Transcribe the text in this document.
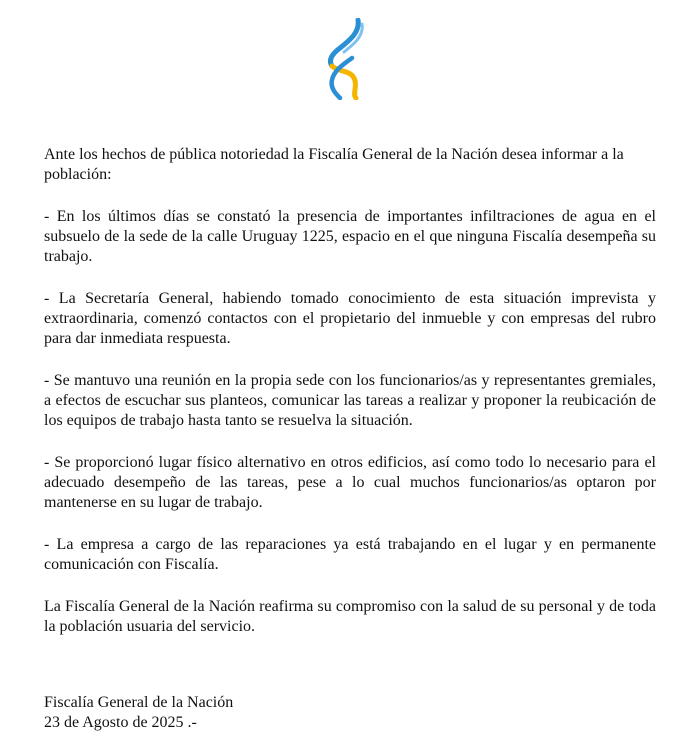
Ante los hechos de pública notoriedad la Fiscalía General de la Nación desea informar a la población:

- En los últimos días se constató la presencia de importantes infiltraciones de agua en el subsuelo de la sede de la calle Uruguay 1225, espacio en el que ninguna Fiscalía desempeña su trabajo.

- La Secretaría General, habiendo tomado conocimiento de esta situación imprevista y extraordinaria, comenzó contactos con el propietario del inmueble y con empresas del rubro para dar inmediata respuesta.

- Se mantuvo una reunión en la propia sede con los funcionarios/as y representantes gremiales, a efectos de escuchar sus planteos, comunicar las tareas a realizar y proponer la reubicación de los equipos de trabajo hasta tanto se resuelva la situación.

- Se proporcionó lugar físico alternativo en otros edificios, así como todo lo necesario para el adecuado desempeño de las tareas, pese a lo cual muchos funcionarios/as optaron por mantenerse en su lugar de trabajo.

- La empresa a cargo de las reparaciones ya está trabajando en el lugar y en permanente comunicación con Fiscalía.

La Fiscalía General de la Nación reafirma su compromiso con la salud de su personal y de toda la población usuaria del servicio.

Fiscalía General de la Nación
23 de Agosto de 2025 .-
